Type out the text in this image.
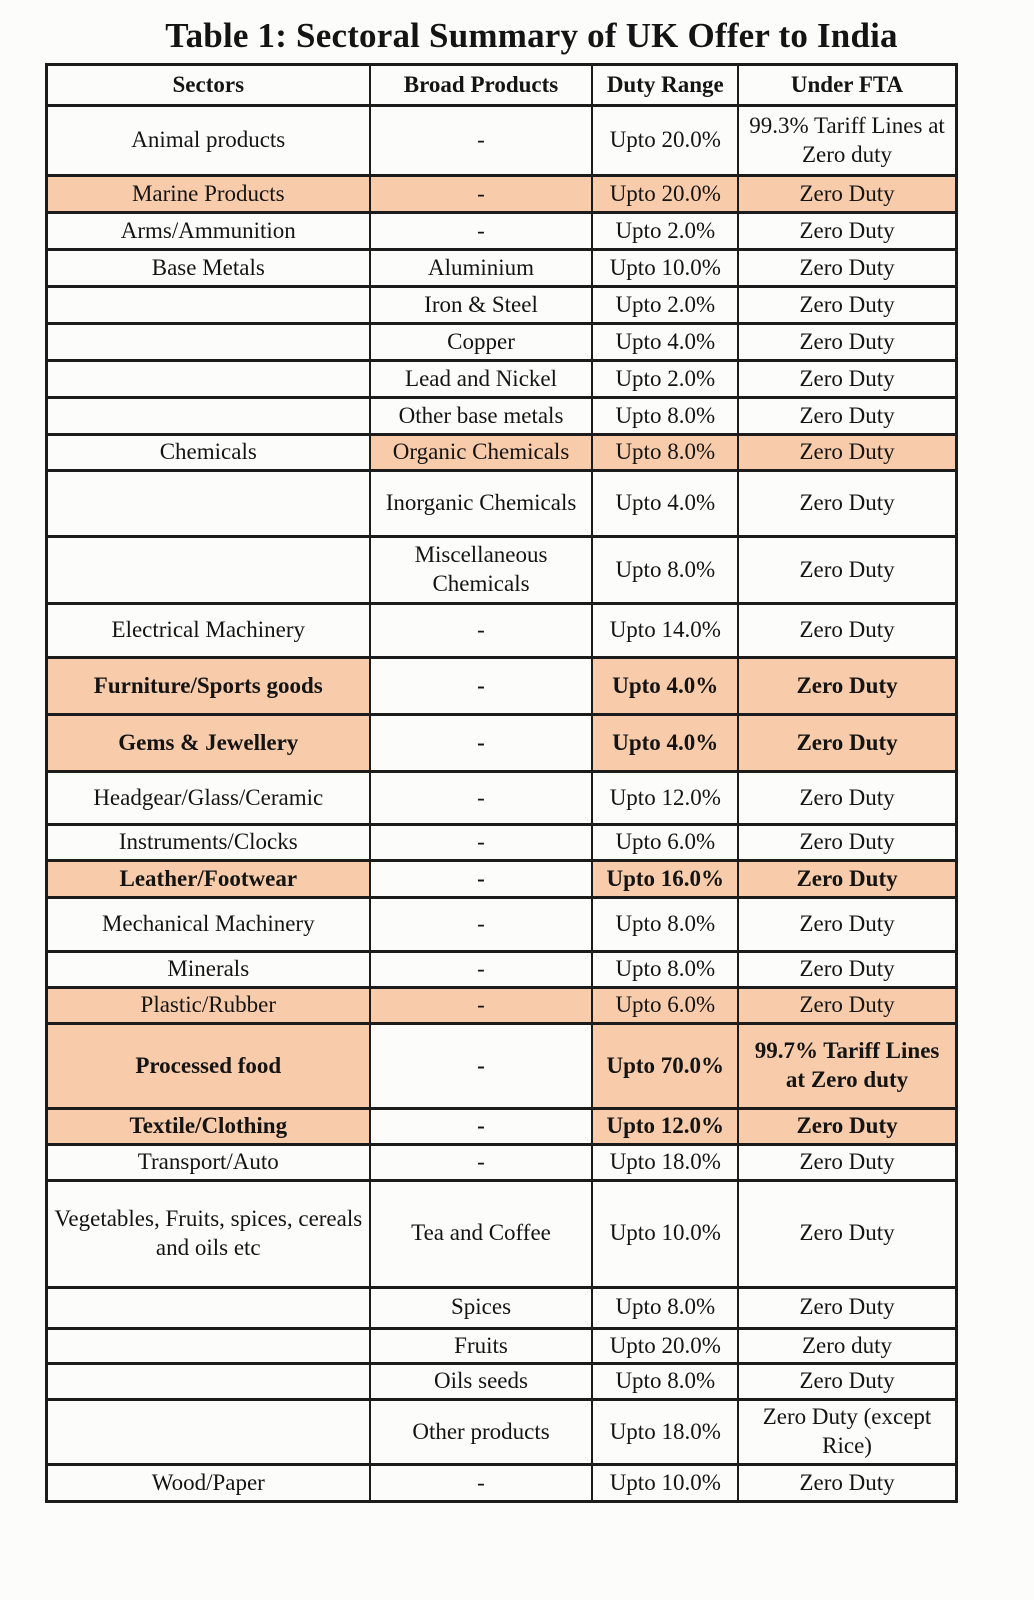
Table 1: Sectoral Summary of UK Offer to India
Sectors	Broad Products	Duty Range	Under FTA
Animal products	-	Upto 20.0%	99.3% Tariff Lines at Zero duty
Marine Products	-	Upto 20.0%	Zero Duty
Arms/Ammunition	-	Upto 2.0%	Zero Duty
Base Metals	Aluminium	Upto 10.0%	Zero Duty
	Iron & Steel	Upto 2.0%	Zero Duty
	Copper	Upto 4.0%	Zero Duty
	Lead and Nickel	Upto 2.0%	Zero Duty
	Other base metals	Upto 8.0%	Zero Duty
Chemicals	Organic Chemicals	Upto 8.0%	Zero Duty
	Inorganic Chemicals	Upto 4.0%	Zero Duty
	Miscellaneous Chemicals	Upto 8.0%	Zero Duty
Electrical Machinery	-	Upto 14.0%	Zero Duty
Furniture/Sports goods	-	Upto 4.0%	Zero Duty
Gems & Jewellery	-	Upto 4.0%	Zero Duty
Headgear/Glass/Ceramic	-	Upto 12.0%	Zero Duty
Instruments/Clocks	-	Upto 6.0%	Zero Duty
Leather/Footwear	-	Upto 16.0%	Zero Duty
Mechanical Machinery	-	Upto 8.0%	Zero Duty
Minerals	-	Upto 8.0%	Zero Duty
Plastic/Rubber	-	Upto 6.0%	Zero Duty
Processed food	-	Upto 70.0%	99.7% Tariff Lines at Zero duty
Textile/Clothing	-	Upto 12.0%	Zero Duty
Transport/Auto	-	Upto 18.0%	Zero Duty
Vegetables, Fruits, spices, cereals and oils etc	Tea and Coffee	Upto 10.0%	Zero Duty
	Spices	Upto 8.0%	Zero Duty
	Fruits	Upto 20.0%	Zero duty
	Oils seeds	Upto 8.0%	Zero Duty
	Other products	Upto 18.0%	Zero Duty (except Rice)
Wood/Paper	-	Upto 10.0%	Zero Duty
